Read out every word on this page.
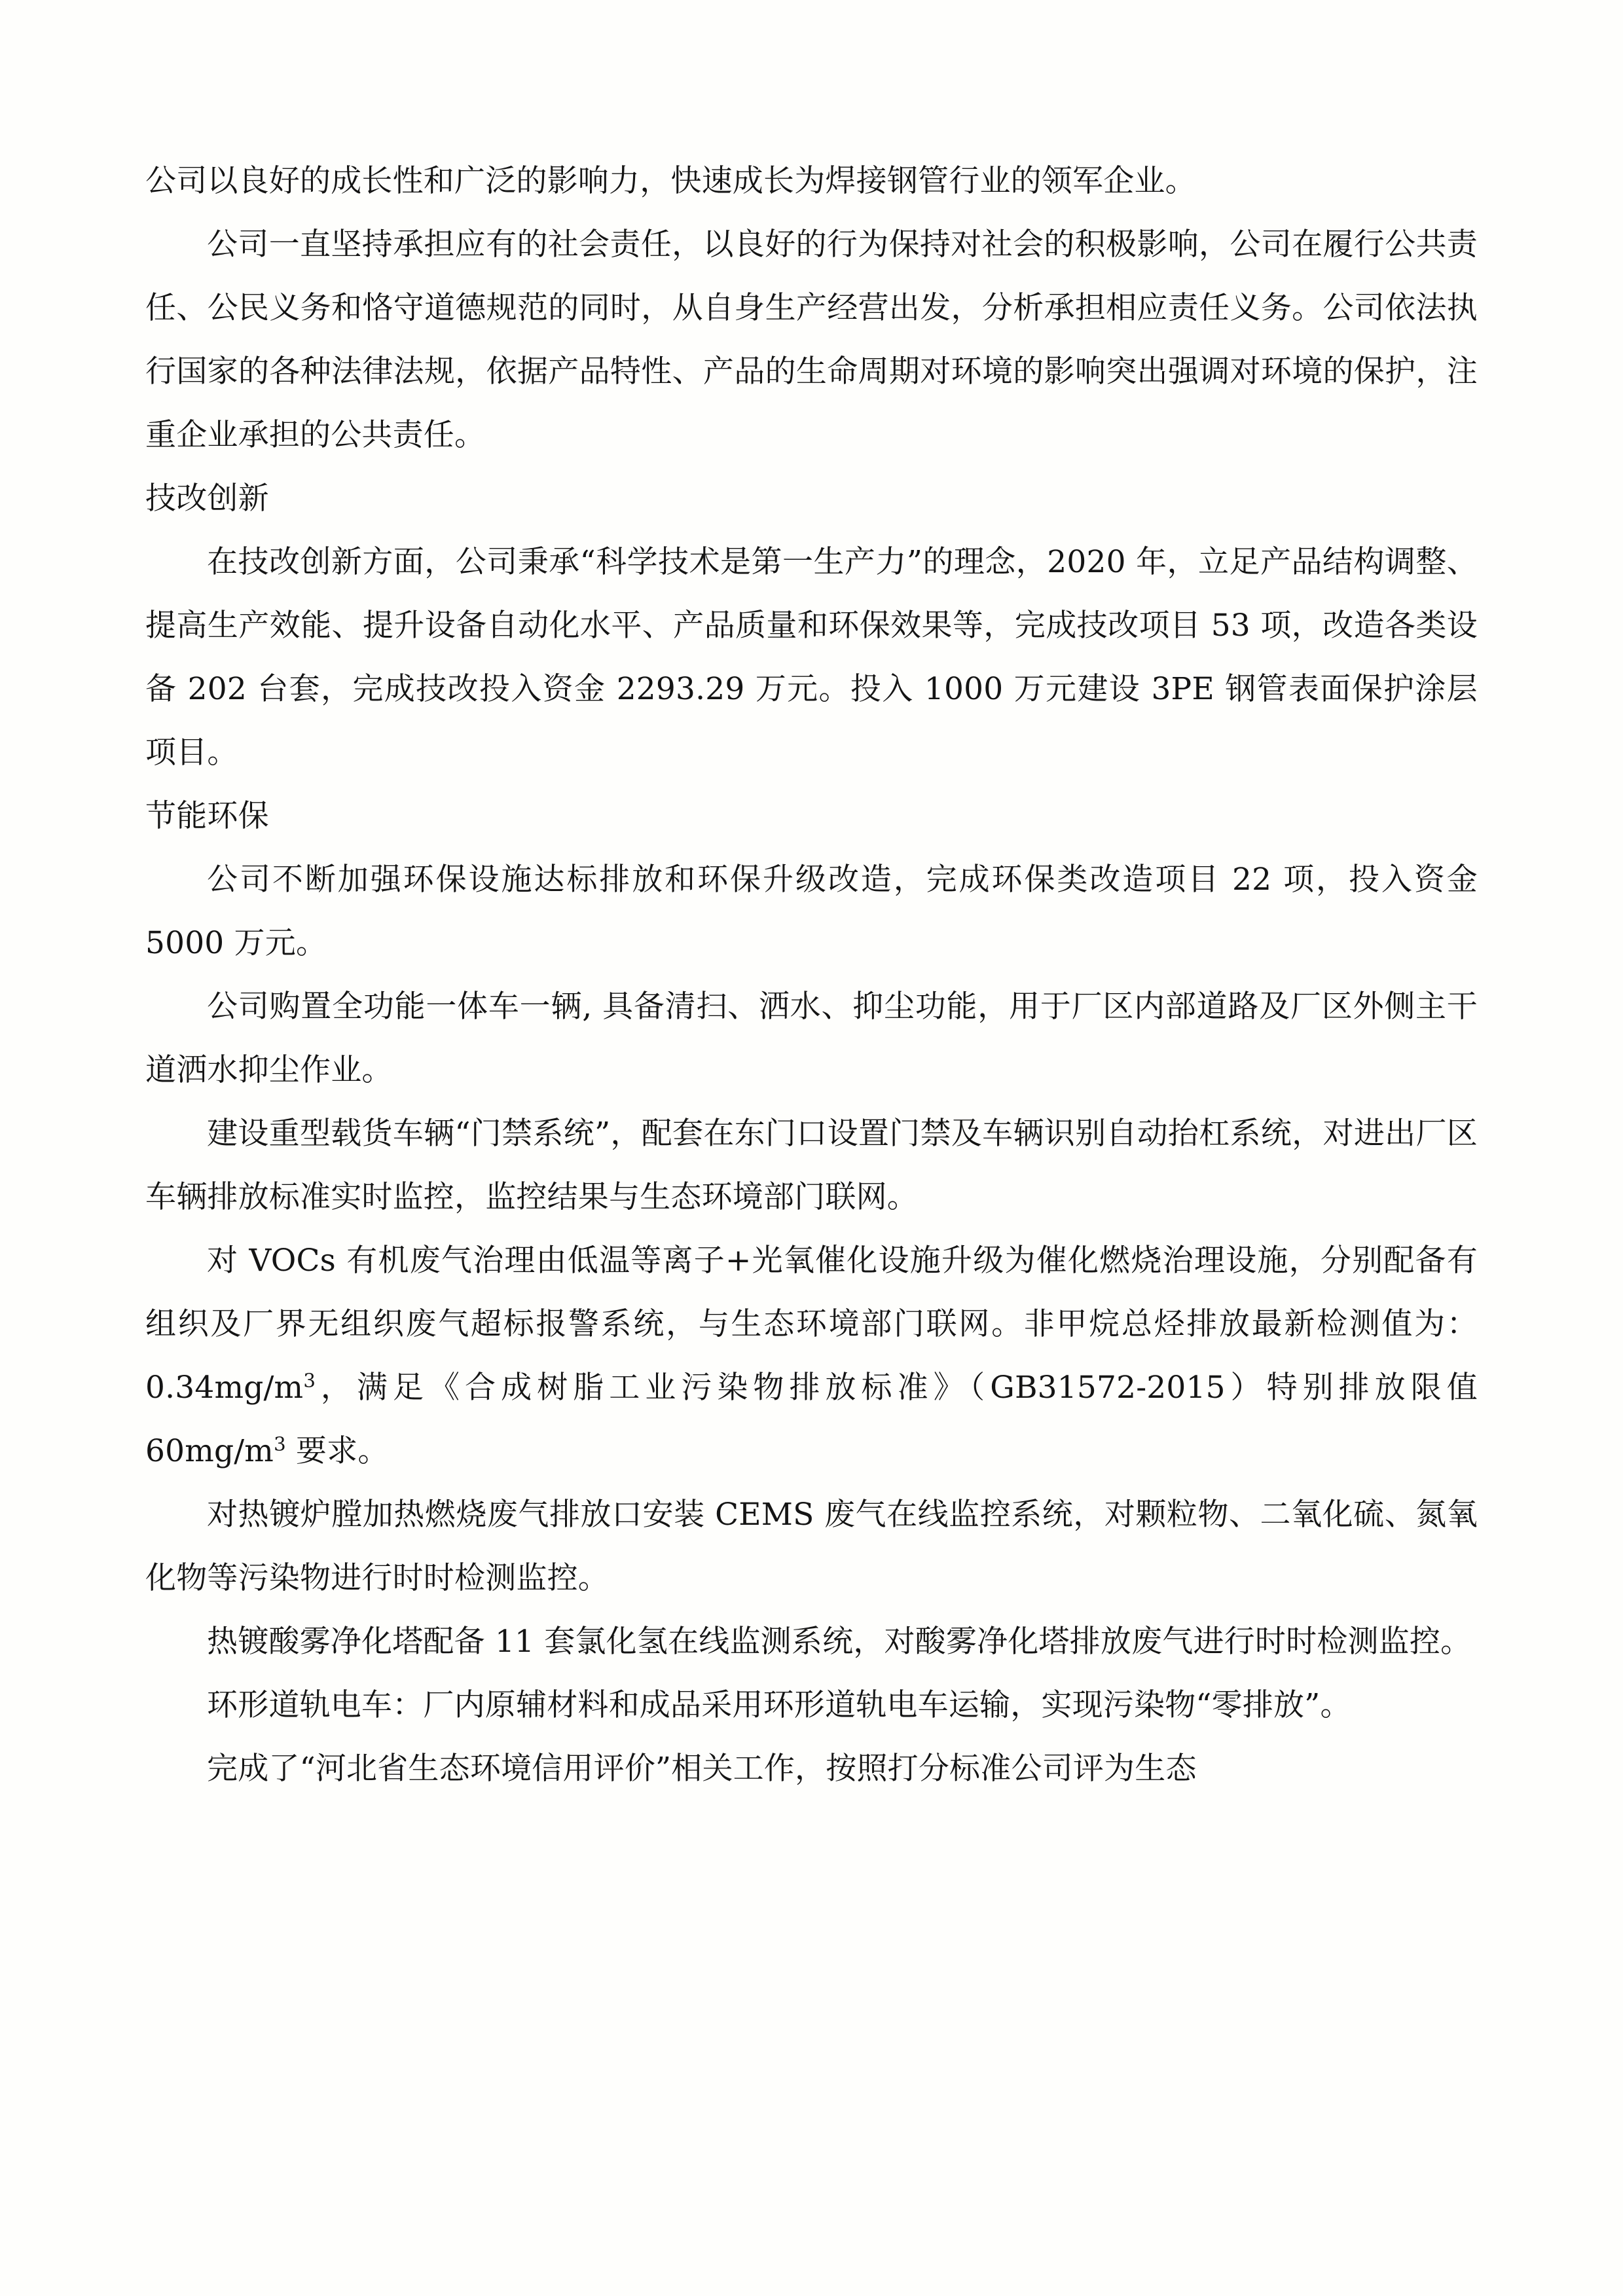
公司以良好的成长性和广泛的影响力，快速成长为焊接钢管行业的领军企业。

公司一直坚持承担应有的社会责任，以良好的行为保持对社会的积极影响，公司在履行公共责任、公民义务和恪守道德规范的同时，从自身生产经营出发，分析承担相应责任义务。公司依法执行国家的各种法律法规，依据产品特性、产品的生命周期对环境的影响突出强调对环境的保护，注重企业承担的公共责任。

技改创新

在技改创新方面，公司秉承“科学技术是第一生产力”的理念，2020 年，立足产品结构调整、提高生产效能、提升设备自动化水平、产品质量和环保效果等，完成技改项目 53 项，改造各类设备 202 台套，完成技改投入资金 2293.29 万元。投入 1000 万元建设 3PE 钢管表面保护涂层项目。

节能环保

公司不断加强环保设施达标排放和环保升级改造，完成环保类改造项目 22 项，投入资金 5000 万元。

公司购置全功能一体车一辆, 具备清扫、洒水、抑尘功能，用于厂区内部道路及厂区外侧主干道洒水抑尘作业。

建设重型载货车辆“门禁系统”，配套在东门口设置门禁及车辆识别自动抬杠系统，对进出厂区车辆排放标准实时监控，监控结果与生态环境部门联网。

对 VOCs 有机废气治理由低温等离子+光氧催化设施升级为催化燃烧治理设施，分别配备有组织及厂界无组织废气超标报警系统，与生态环境部门联网。非甲烷总烃排放最新检测值为：$0.34mg/m^3$，满足《合成树脂工业污染物排放标准》（GB31572-2015）特别排放限值 $60mg/m^3$ 要求。

对热镀炉膛加热燃烧废气排放口安装 CEMS 废气在线监控系统，对颗粒物、二氧化硫、氮氧化物等污染物进行时时检测监控。

热镀酸雾净化塔配备 11 套氯化氢在线监测系统，对酸雾净化塔排放废气进行时时检测监控。

环形道轨电车：厂内原辅材料和成品采用环形道轨电车运输，实现污染物“零排放”。

完成了“河北省生态环境信用评价”相关工作，按照打分标准公司评为生态
